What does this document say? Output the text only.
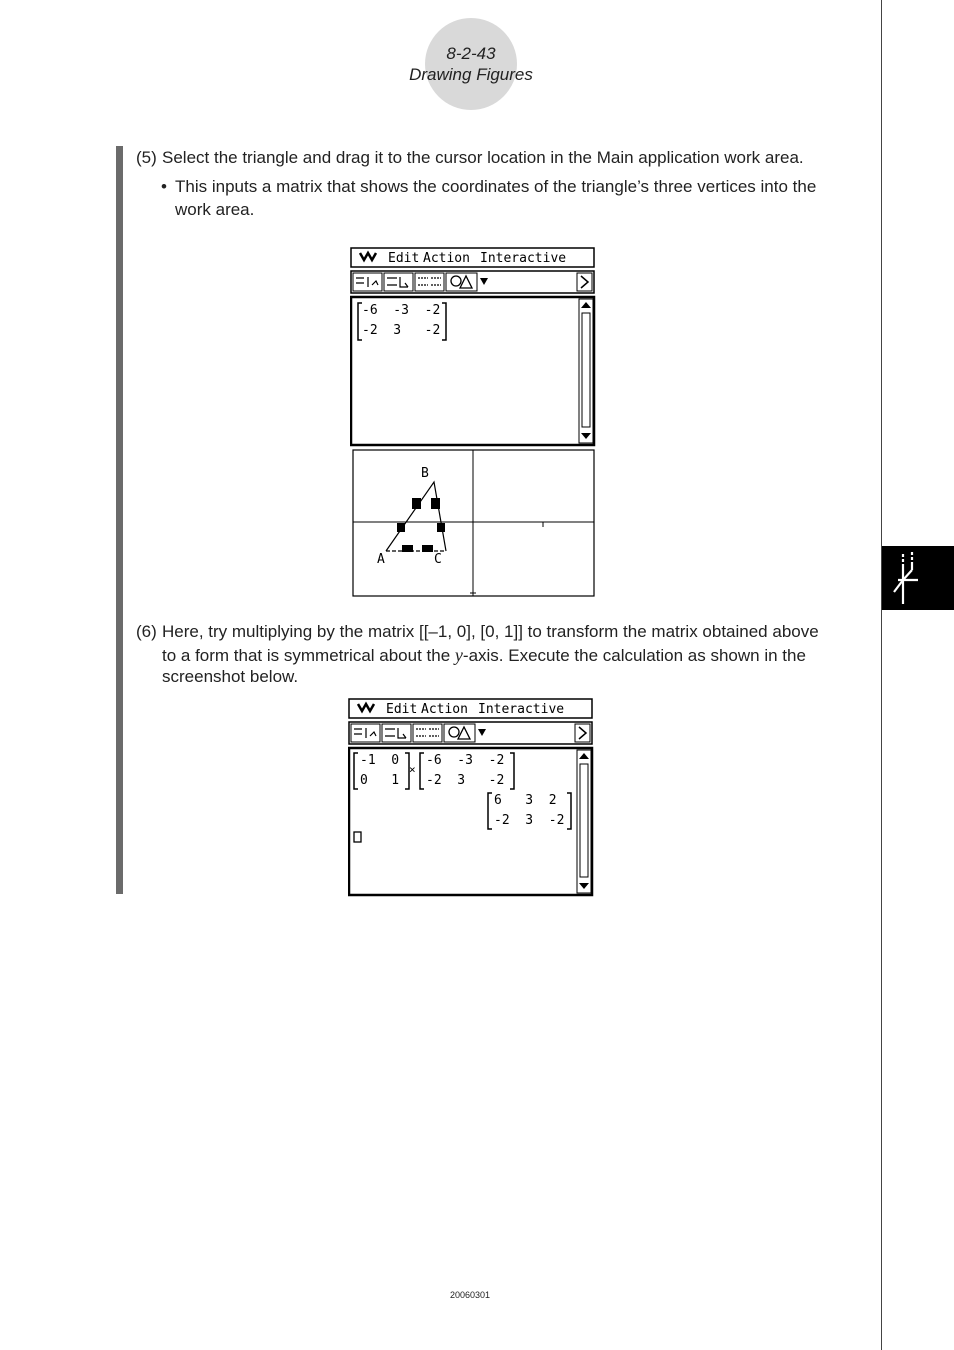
8-2-43
Drawing Figures
(5) Select the triangle and drag it to the cursor location in the Main application work area.
• This inputs a matrix that shows the coordinates of the triangle’s three vertices into the
work area.
Edit Action Interactive
-6  -3  -2
-2  3   -2
A
B
C
(6) Here, try multiplying by the matrix [[–1, 0], [0, 1]] to transform the matrix obtained above
to a form that is symmetrical about the y-axis. Execute the calculation as shown in the
screenshot below.
Edit Action Interactive
-1  0
0   1
×
-6  -3  -2
-2  3   -2
6   3  2
-2  3  -2
20060301
